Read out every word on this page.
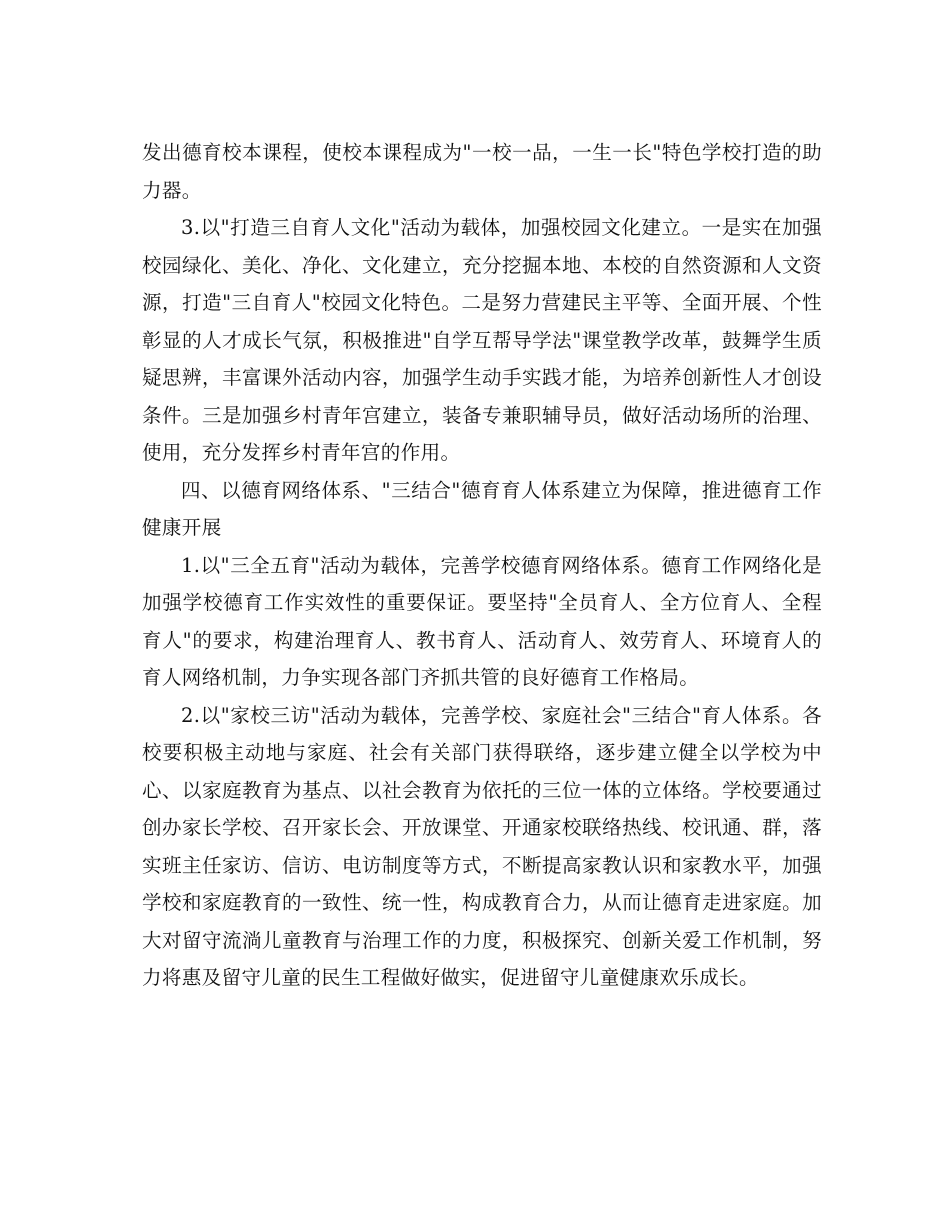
发出德育校本课程，使校本课程成为"一校一品，一生一长"特色学校打造的助力器。

3.以"打造三自育人文化"活动为载体，加强校园文化建立。一是实在加强校园绿化、美化、净化、文化建立，充分挖掘本地、本校的自然资源和人文资源，打造"三自育人"校园文化特色。二是努力营建民主平等、全面开展、个性彰显的人才成长气氛，积极推进"自学互帮导学法"课堂教学改革，鼓舞学生质疑思辨，丰富课外活动内容，加强学生动手实践才能，为培养创新性人才创设条件。三是加强乡村青年宫建立，装备专兼职辅导员，做好活动场所的治理、使用，充分发挥乡村青年宫的作用。

四、以德育网络体系、"三结合"德育育人体系建立为保障，推进德育工作健康开展

1.以"三全五育"活动为载体，完善学校德育网络体系。德育工作网络化是加强学校德育工作实效性的重要保证。要坚持"全员育人、全方位育人、全程育人"的要求，构建治理育人、教书育人、活动育人、效劳育人、环境育人的育人网络机制，力争实现各部门齐抓共管的良好德育工作格局。

2.以"家校三访"活动为载体，完善学校、家庭社会"三结合"育人体系。各校要积极主动地与家庭、社会有关部门获得联络，逐步建立健全以学校为中心、以家庭教育为基点、以社会教育为依托的三位一体的立体络。学校要通过创办家长学校、召开家长会、开放课堂、开通家校联络热线、校讯通、群，落实班主任家访、信访、电访制度等方式，不断提高家教认识和家教水平，加强学校和家庭教育的一致性、统一性，构成教育合力，从而让德育走进家庭。加大对留守流淌儿童教育与治理工作的力度，积极探究、创新关爱工作机制，努力将惠及留守儿童的民生工程做好做实，促进留守儿童健康欢乐成长。
